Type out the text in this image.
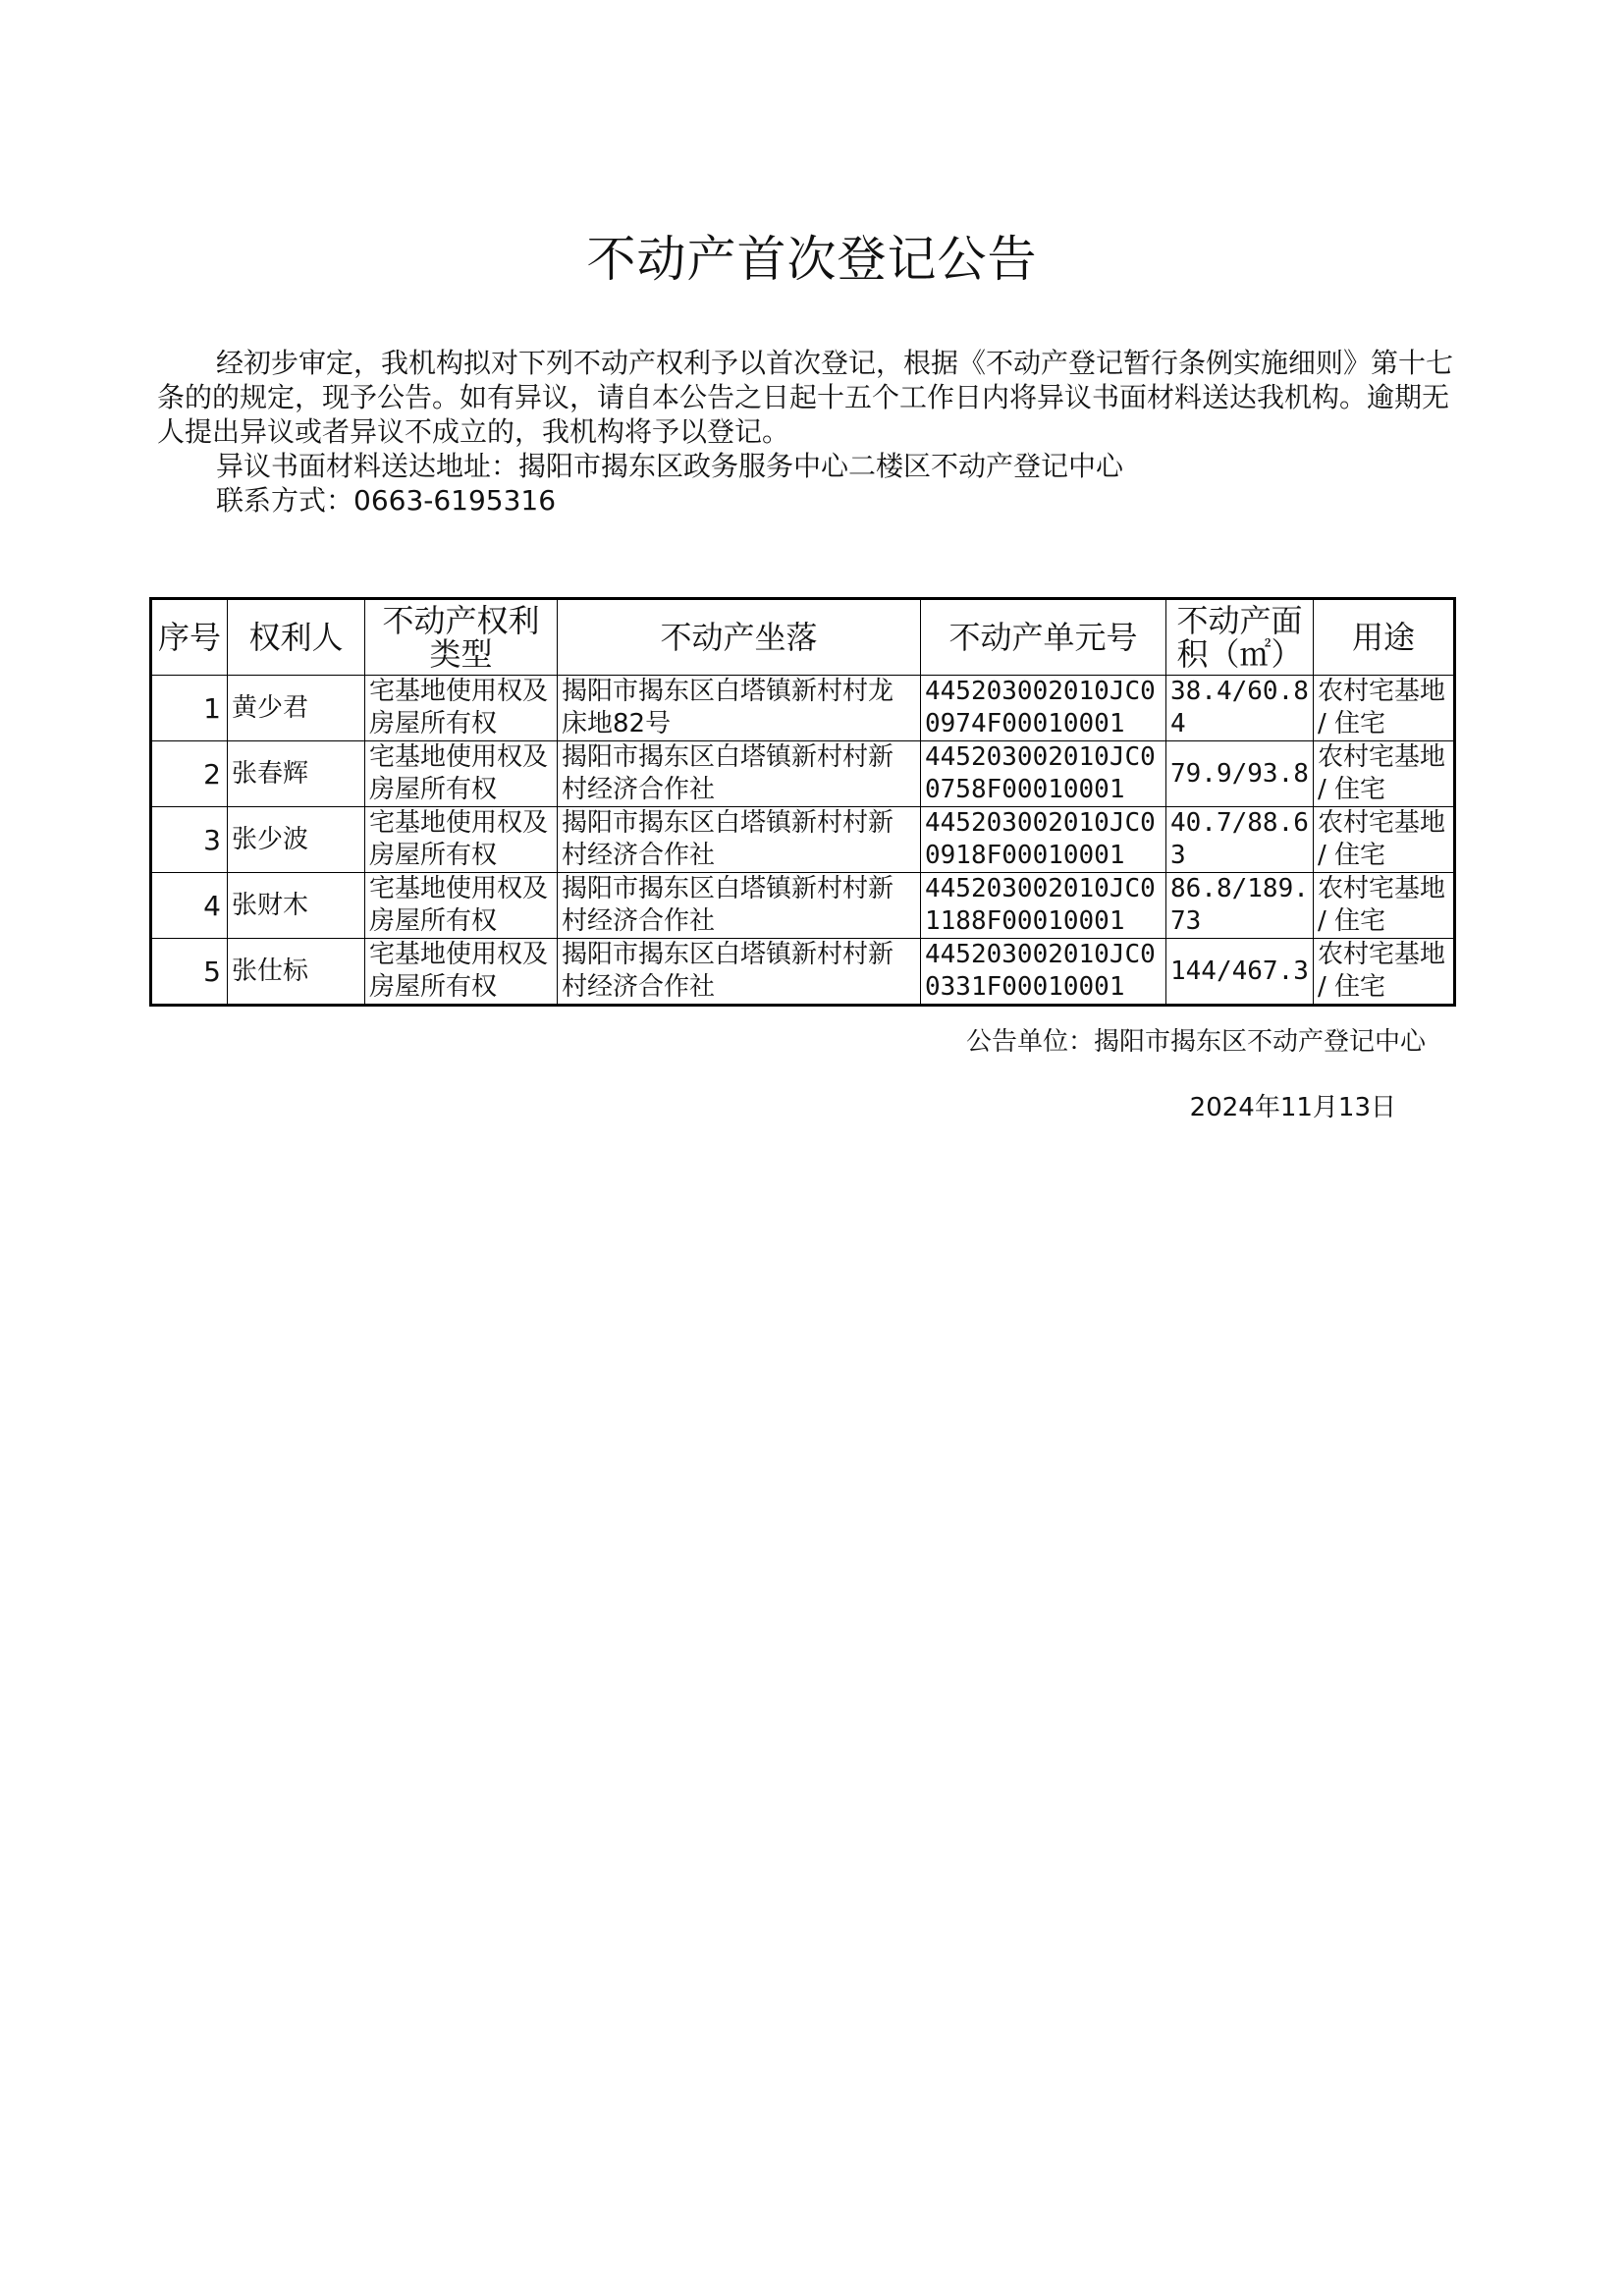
不动产首次登记公告

经初步审定，我机构拟对下列不动产权利予以首次登记，根据《不动产登记暂行条例实施细则》第十七条的的规定，现予公告。如有异议，请自本公告之日起十五个工作日内将异议书面材料送达我机构。逾期无人提出异议或者异议不成立的，我机构将予以登记。

异议书面材料送达地址：揭阳市揭东区政务服务中心二楼区不动产登记中心

联系方式：0663-6195316

序号	权利人	不动产权利类型	不动产坐落	不动产单元号	不动产面积（㎡）	用途
1	黄少君	宅基地使用权及房屋所有权	揭阳市揭东区白塔镇新村村龙床地82号	445203002010JC00974F00010001	38.4/60.84	农村宅基地 / 住宅
2	张春辉	宅基地使用权及房屋所有权	揭阳市揭东区白塔镇新村村新村经济合作社	445203002010JC00758F00010001	79.9/93.8	农村宅基地 / 住宅
3	张少波	宅基地使用权及房屋所有权	揭阳市揭东区白塔镇新村村新村经济合作社	445203002010JC00918F00010001	40.7/88.63	农村宅基地 / 住宅
4	张财木	宅基地使用权及房屋所有权	揭阳市揭东区白塔镇新村村新村经济合作社	445203002010JC01188F00010001	86.8/189.73	农村宅基地 / 住宅
5	张仕标	宅基地使用权及房屋所有权	揭阳市揭东区白塔镇新村村新村经济合作社	445203002010JC00331F00010001	144/467.3	农村宅基地 / 住宅
公告单位：揭阳市揭东区不动产登记中心
2024年11月13日
